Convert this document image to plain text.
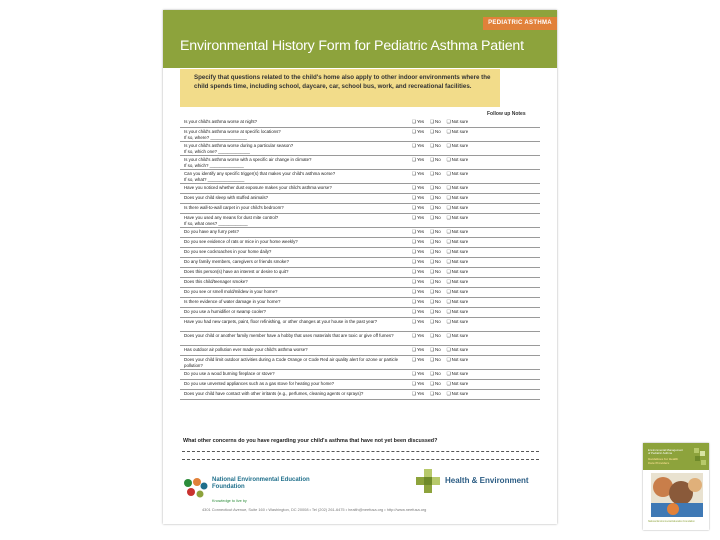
PEDIATRIC ASTHMA
Environmental History Form for Pediatric Asthma Patient
Specify that questions related to the child's home also apply to other indoor environments where the child spends time, including school, daycare, car, school bus, work, and recreational facilities.
Follow up Notes
Is your child's asthma worse at night?	❑Yes ❑No ❑Not sure
Is your child's asthma worse at specific locations?
If so, where? _______________
❑Yes ❑No ❑Not sure
Is your child's asthma worse during a particular season?
If so, which one? _____________
❑Yes ❑No ❑Not sure
Is your child's asthma worse with a specific air change in climate?
If so, which? ______________
❑Yes ❑No ❑Not sure
Can you identify any specific trigger(s) that makes your child's asthma worse?
If so, what? _______________
❑Yes ❑No ❑Not sure
Have you noticed whether dust exposure makes your child's asthma worse?	❑Yes ❑No ❑Not sure
Does your child sleep with stuffed animals?	❑Yes ❑No ❑Not sure
Is there wall-to-wall carpet in your child's bedroom?	❑Yes ❑No ❑Not sure
Have you used any means for dust mite control?
If so, what ones? ____________
❑Yes ❑No ❑Not sure
Do you have any furry pets?	❑Yes ❑No ❑Not sure
Do you see evidence of rats or mice in your home weekly?	❑Yes ❑No ❑Not sure
Do you see cockroaches in your home daily?	❑Yes ❑No ❑Not sure
Do any family members, caregivers or friends smoke?	❑Yes ❑No ❑Not sure
Does this person(s) have an interest or desire to quit?	❑Yes ❑No ❑Not sure
Does this child/teenager smoke?	❑Yes ❑No ❑Not sure
Do you see or smell mold/mildew in your home?	❑Yes ❑No ❑Not sure
Is there evidence of water damage in your home?	❑Yes ❑No ❑Not sure
Do you use a humidifier or swamp cooler?	❑Yes ❑No ❑Not sure
Have you had new carpets, paint, floor refinishing, or other changes at your house in the past year?	❑Yes ❑No ❑Not sure
Does your child or another family member have a hobby that uses materials that are toxic or give off fumes?	❑Yes ❑No ❑Not sure
Has outdoor air pollution ever made your child's asthma worse?	❑Yes ❑No ❑Not sure
Does your child limit outdoor activities during a Code Orange or Code Red air quality alert for ozone or particle pollution?
❑Yes ❑No ❑Not sure
Do you use a wood burning fireplace or stove?	❑Yes ❑No ❑Not sure
Do you use unvented appliances such as a gas stove for heating your home?	❑Yes ❑No ❑Not sure
Does your child have contact with other irritants (e.g., perfumes, cleaning agents or sprays)?	❑Yes ❑No ❑Not sure
What other concerns do you have regarding your child's asthma that have not yet been discussed?
National Environmental Education Foundation
Knowledge to live by
Health & Environment
4301 Connecticut Avenue, Suite 160 • Washington, DC 20008 • Tel (202) 261-6475 • health@neefusa.org • http://www.neefusa.org
Environmental Management of Pediatric Asthma
Guidelines for Health Care Providers
National Environmental Education Foundation
